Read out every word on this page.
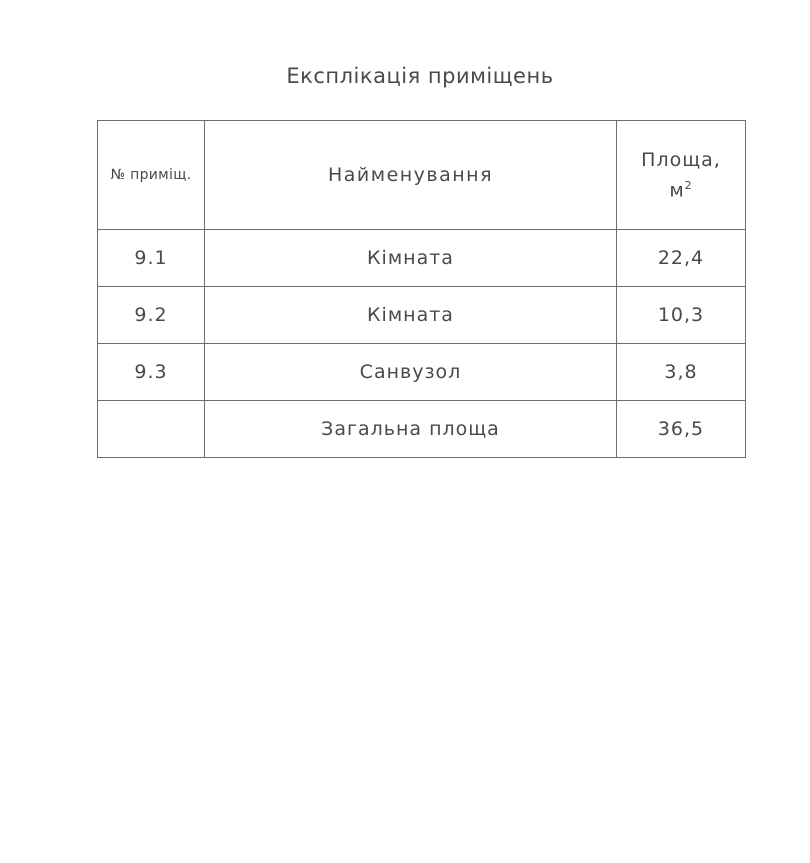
Експлікація приміщень
№ приміщ.	Найменування	Площа,
$м^2$
9.1	Кімната	22,4
9.2	Кімната	10,3
9.3	Санвузол	3,8
	Загальна площа	36,5
